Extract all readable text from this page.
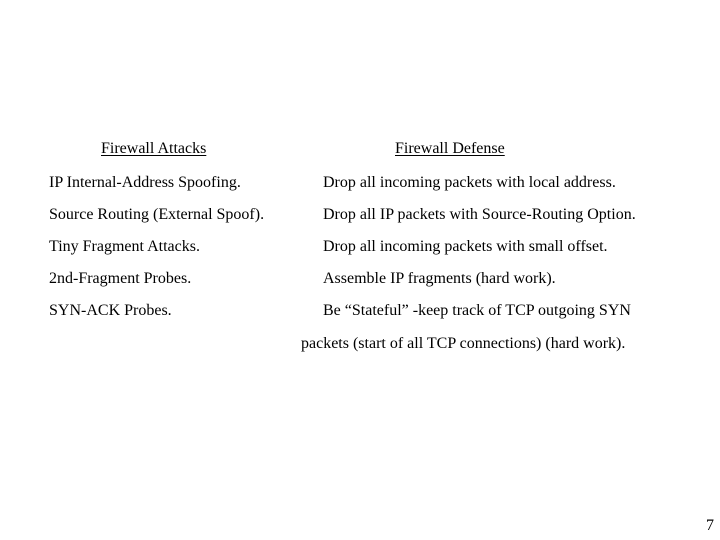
Firewall Attacks	Firewall Defense
IP Internal-Address Spoofing.	Drop all incoming packets with local address.
Source Routing (External Spoof).	Drop all IP packets with Source-Routing Option.
Tiny Fragment Attacks.	Drop all incoming packets with small offset.
2nd-Fragment Probes.	Assemble IP fragments (hard work).
SYN-ACK Probes.	Be “Stateful” -keep track of TCP outgoing SYN
packets (start of all TCP connections) (hard work).
7
